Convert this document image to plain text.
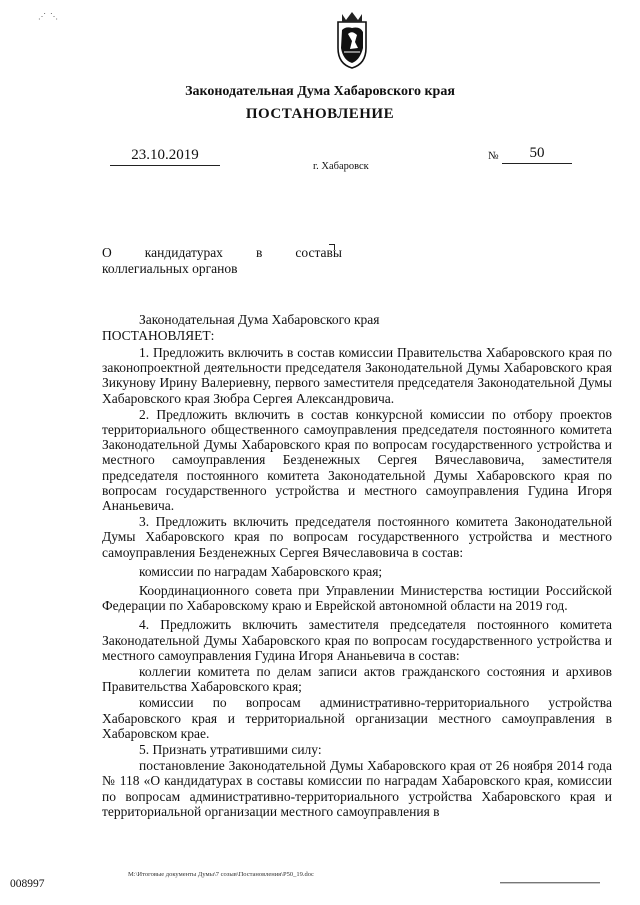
⋰ ⋱
Законодательная Дума Хабаровского края
ПОСТАНОВЛЕНИЕ
23.10.2019
г. Хабаровск
№	50
О кандидатурах в составы
коллегиальных органов
Законодательная Дума Хабаровского края
ПОСТАНОВЛЯЕТ:

1. Предложить включить в состав комиссии Правительства Хабаровского края по законопроектной деятельности председателя Законодательной Думы Хабаровского края Зикунову Ирину Валериевну, первого заместителя председателя Законодательной Думы Хабаровского края Зюбра Сергея Александровича.

2. Предложить включить в состав конкурсной комиссии по отбору проектов территориального общественного самоуправления председателя постоянного комитета Законодательной Думы Хабаровского края по вопросам государственного устройства и местного самоуправления Безденежных Сергея Вячеславовича, заместителя председателя постоянного комитета Законодательной Думы Хабаровского края по вопросам государственного устройства и местного самоуправления Гудина Игоря Ананьевича.

3. Предложить включить председателя постоянного комитета Законодательной Думы Хабаровского края по вопросам государственного устройства и местного самоуправления Безденежных Сергея Вячеславовича в состав:

комиссии по наградам Хабаровского края;

Координационного совета при Управлении Министерства юстиции Российской Федерации по Хабаровскому краю и Еврейской автономной области на 2019 год.

4. Предложить включить заместителя председателя постоянного комитета Законодательной Думы Хабаровского края по вопросам государственного устройства и местного самоуправления Гудина Игоря Ананьевича в состав:

коллегии комитета по делам записи актов гражданского состояния и архивов Правительства Хабаровского края;

комиссии по вопросам административно-территориального устройства Хабаровского края и территориальной организации местного самоуправления в Хабаровском крае.

5. Признать утратившими силу:

постановление Законодательной Думы Хабаровского края от 26 ноября 2014 года № 118 «О кандидатурах в составы комиссии по наградам Хабаровского края, комиссии по вопросам административно-территориального устройства Хабаровского края и территориальной организации местного самоуправления в

008997
M:\Итоговые документы Думы\7 созыв\Постановления\P50_19.doc
